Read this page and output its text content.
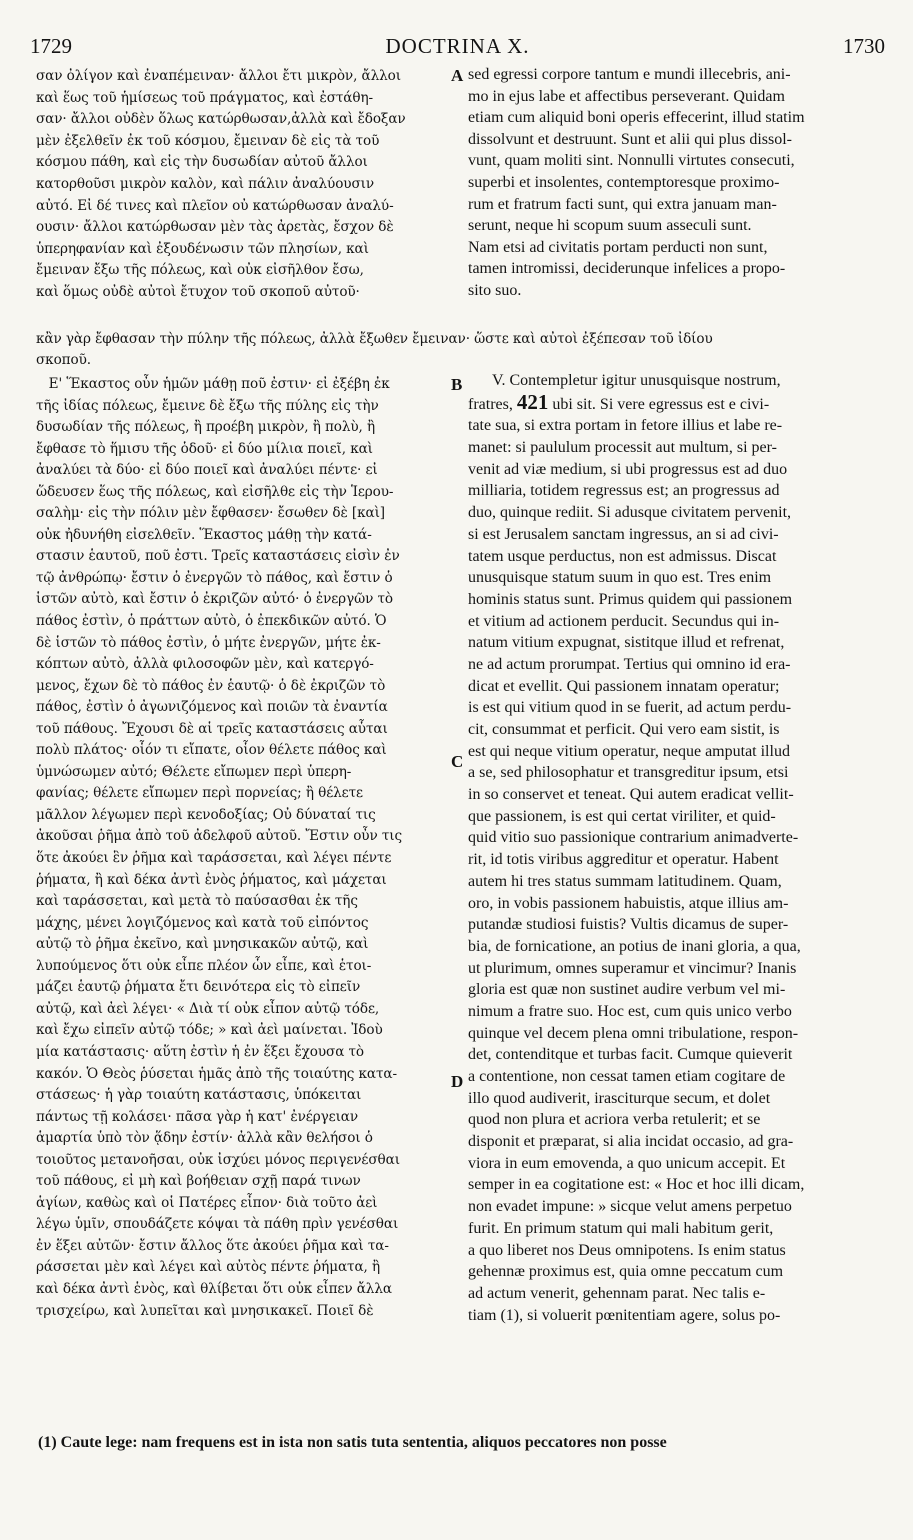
1729	DOCTRINA X.	1730

σαν ὀλίγον καὶ ἐναπέμειναν· ἄλλοι ἔτι μικρὸν, ἄλλοι

καὶ ἕως τοῦ ἡμίσεως τοῦ πράγματος, καὶ ἐστάθη-

σαν· ἄλλοι οὐδὲν ὅλως κατώρθωσαν,ἀλλὰ καὶ ἔδοξαν

μὲν ἐξελθεῖν ἐκ τοῦ κόσμου, ἔμειναν δὲ εἰς τὰ τοῦ

κόσμου πάθη, καὶ εἰς τὴν δυσωδίαν αὐτοῦ ἄλλοι

κατορθοῦσι μικρὸν καλὸν, καὶ πάλιν ἀναλύουσιν

αὐτό. Εἰ δέ τινες καὶ πλεῖον οὐ κατώρθωσαν ἀναλύ-

ουσιν· ἄλλοι κατώρθωσαν μὲν τὰς ἀρετὰς, ἔσχον δὲ

ὑπερηφανίαν καὶ ἐξουδένωσιν τῶν πλησίων, καὶ

ἔμειναν ἔξω τῆς πόλεως, καὶ οὐκ εἰσῆλθον ἔσω,

καὶ ὅμως οὐδὲ αὐτοὶ ἔτυχον τοῦ σκοποῦ αὐτοῦ·

κἂν γὰρ ἔφθασαν τὴν πύλην τῆς πόλεως, ἀλλὰ ἔξωθεν ἔμειναν· ὥστε καὶ αὐτοὶ ἐξέπεσαν τοῦ ἰδίου

σκοποῦ.

Ε' Ἕκαστος οὖν ἡμῶν μάθῃ ποῦ ἐστιν· εἰ ἐξέβη ἐκ

τῆς ἰδίας πόλεως, ἔμεινε δὲ ἔξω τῆς πύλης εἰς τὴν

δυσωδίαν τῆς πόλεως, ἢ προέβη μικρὸν, ἢ πολὺ, ἢ

ἔφθασε τὸ ἥμισυ τῆς ὁδοῦ· εἰ δύο μίλια ποιεῖ, καὶ

ἀναλύει τὰ δύο· εἰ δύο ποιεῖ καὶ ἀναλύει πέντε· εἰ

ὥδευσεν ἕως τῆς πόλεως, καὶ εἰσῆλθε εἰς τὴν Ἱερου-

σαλὴμ· εἰς τὴν πόλιν μὲν ἔφθασεν· ἔσωθεν δὲ [καὶ]

οὐκ ἠδυνήθη εἰσελθεῖν. Ἕκαστος μάθῃ τὴν κατά-

στασιν ἑαυτοῦ, ποῦ ἐστι. Τρεῖς καταστάσεις εἰσὶν ἐν

τῷ ἀνθρώπῳ· ἔστιν ὁ ἐνεργῶν τὸ πάθος, καὶ ἔστιν ὁ

ἱστῶν αὐτὸ, καὶ ἔστιν ὁ ἐκριζῶν αὐτό· ὁ ἐνεργῶν τὸ

πάθος ἐστὶν, ὁ πράττων αὐτὸ, ὁ ἐπεκδικῶν αὐτό. Ὁ

δὲ ἱστῶν τὸ πάθος ἐστὶν, ὁ μήτε ἐνεργῶν, μήτε ἐκ-

κόπτων αὐτὸ, ἀλλὰ φιλοσοφῶν μὲν, καὶ κατεργό-

μενος, ἔχων δὲ τὸ πάθος ἐν ἑαυτῷ· ὁ δὲ ἐκριζῶν τὸ

πάθος, ἐστὶν ὁ ἀγωνιζόμενος καὶ ποιῶν τὰ ἐναντία

τοῦ πάθους. Ἔχουσι δὲ αἱ τρεῖς καταστάσεις αὗται

πολὺ πλάτος· οἷόν τι εἴπατε, οἷον θέλετε πάθος καὶ

ὑμνώσωμεν αὐτό; Θέλετε εἴπωμεν περὶ ὑπερη-

φανίας; θέλετε εἴπωμεν περὶ πορνείας; ἢ θέλετε

μᾶλλον λέγωμεν περὶ κενοδοξίας; Οὐ δύναταί τις

ἀκοῦσαι ῥῆμα ἀπὸ τοῦ ἀδελφοῦ αὐτοῦ. Ἔστιν οὖν τις

ὅτε ἀκούει ἓν ῥῆμα καὶ ταράσσεται, καὶ λέγει πέντε

ῥήματα, ἢ καὶ δέκα ἀντὶ ἑνὸς ῥήματος, καὶ μάχεται

καὶ ταράσσεται, καὶ μετὰ τὸ παύσασθαι ἐκ τῆς

μάχης, μένει λογιζόμενος καὶ κατὰ τοῦ εἰπόντος

αὐτῷ τὸ ῥῆμα ἐκεῖνο, καὶ μνησικακῶν αὐτῷ, καὶ

λυπούμενος ὅτι οὐκ εἶπε πλέον ὧν εἶπε, καὶ ἑτοι-

μάζει ἑαυτῷ ῥήματα ἔτι δεινότερα εἰς τὸ εἰπεῖν

αὐτῷ, καὶ ἀεὶ λέγει· « Διὰ τί οὐκ εἶπον αὐτῷ τόδε,

καὶ ἔχω εἰπεῖν αὐτῷ τόδε; » καὶ ἀεὶ μαίνεται. Ἰδοὺ

μία κατάστασις· αὕτη ἐστὶν ἡ ἐν ἕξει ἔχουσα τὸ

κακόν. Ὁ Θεὸς ῥύσεται ἡμᾶς ἀπὸ τῆς τοιαύτης κατα-

στάσεως· ἡ γὰρ τοιαύτη κατάστασις, ὑπόκειται

πάντως τῇ κολάσει· πᾶσα γὰρ ἡ κατ' ἐνέργειαν

ἁμαρτία ὑπὸ τὸν ᾅδην ἐστίν· ἀλλὰ κἂν θελήσοι ὁ

τοιοῦτος μετανοῆσαι, οὐκ ἰσχύει μόνος περιγενέσθαι

τοῦ πάθους, εἰ μὴ καὶ βοήθειαν σχῇ παρά τινων

ἁγίων, καθὼς καὶ οἱ Πατέρες εἶπον· διὰ τοῦτο ἀεὶ

λέγω ὑμῖν, σπουδάζετε κόψαι τὰ πάθη πρὶν γενέσθαι

ἐν ἕξει αὐτῶν· ἔστιν ἄλλος ὅτε ἀκούει ῥῆμα καὶ τα-

ράσσεται μὲν καὶ λέγει καὶ αὐτὸς πέντε ῥήματα, ἢ

καὶ δέκα ἀντὶ ἑνὸς, καὶ θλίβεται ὅτι οὐκ εἶπεν ἄλλα

τρισχείρω, καὶ λυπεῖται καὶ μνησικακεῖ. Ποιεῖ δὲ

sed egressi corpore tantum e mundi illecebris, ani-

mo in ejus labe et affectibus perseverant. Quidam

etiam cum aliquid boni operis effecerint, illud statim

dissolvunt et destruunt. Sunt et alii qui plus dissol-

vunt, quam moliti sint. Nonnulli virtutes consecuti,

superbi et insolentes, contemptoresque proximo-

rum et fratrum facti sunt, qui extra januam man-

serunt, neque hi scopum suum asseculi sunt.

Nam etsi ad civitatis portam perducti non sunt,

tamen intromissi, deciderunque infelices a propo-

sito suo.

V. Contempletur igitur unusquisque nostrum,

fratres, 421 ubi sit. Si vere egressus est e civi-

tate sua, si extra portam in fetore illius et labe re-

manet: si paululum processit aut multum, si per-

venit ad viæ medium, si ubi progressus est ad duo

milliaria, totidem regressus est; an progressus ad

duo, quinque rediit. Si adusque civitatem pervenit,

si est Jerusalem sanctam ingressus, an si ad civi-

tatem usque perductus, non est admissus. Discat

unusquisque statum suum in quo est. Tres enim

hominis status sunt. Primus quidem qui passionem

et vitium ad actionem perducit. Secundus qui in-

natum vitium expugnat, sistitque illud et refrenat,

ne ad actum prorumpat. Tertius qui omnino id era-

dicat et evellit. Qui passionem innatam operatur;

is est qui vitium quod in se fuerit, ad actum perdu-

cit, consummat et perficit. Qui vero eam sistit, is

est qui neque vitium operatur, neque amputat illud

a se, sed philosophatur et transgreditur ipsum, etsi

in so conservet et teneat. Qui autem eradicat vellit-

que passionem, is est qui certat viriliter, et quid-

quid vitio suo passionique contrarium animadverte-

rit, id totis viribus aggreditur et operatur. Habent

autem hi tres status summam latitudinem. Quam,

oro, in vobis passionem habuistis, atque illius am-

putandæ studiosi fuistis? Vultis dicamus de super-

bia, de fornicatione, an potius de inani gloria, a qua,

ut plurimum, omnes superamur et vincimur? Inanis

gloria est quæ non sustinet audire verbum vel mi-

nimum a fratre suo. Hoc est, cum quis unico verbo

quinque vel decem plena omni tribulatione, respon-

det, contenditque et turbas facit. Cumque quieverit

a contentione, non cessat tamen etiam cogitare de

illo quod audiverit, irasciturque secum, et dolet

quod non plura et acriora verba retulerit; et se

disponit et præparat, si alia incidat occasio, ad gra-

viora in eum emovenda, a quo unicum accepit. Et

semper in ea cogitatione est: « Hoc et hoc illi dicam,

non evadet impune: » sicque velut amens perpetuo

furit. En primum statum qui mali habitum gerit,

a quo liberet nos Deus omnipotens. Is enim status

gehennæ proximus est, quia omne peccatum cum

ad actum venerit, gehennam parat. Nec talis e-

tiam (1), si voluerit pœnitentiam agere, solus po-

A
B
C
D
(1) Caute lege: nam frequens est in ista non satis tuta sententia, aliquos peccatores non posse
